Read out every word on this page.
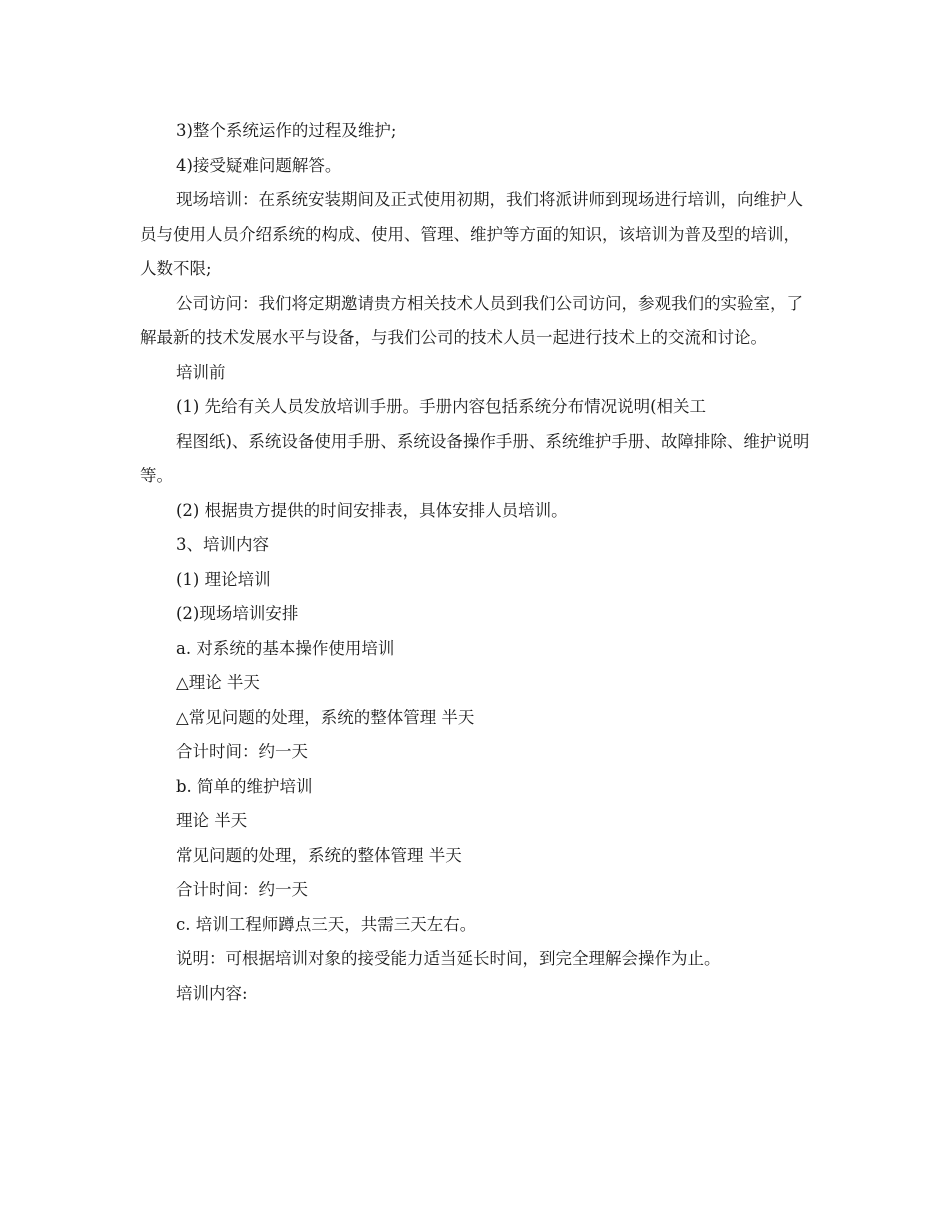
3)整个系统运作的过程及维护;

4)接受疑难问题解答。

现场培训：在系统安装期间及正式使用初期，我们将派讲师到现场进行培训，向维护人员与使用人员介绍系统的构成、使用、管理、维护等方面的知识，该培训为普及型的培训，人数不限;

公司访问：我们将定期邀请贵方相关技术人员到我们公司访问，参观我们的实验室，了解最新的技术发展水平与设备，与我们公司的技术人员一起进行技术上的交流和讨论。

培训前

(1) 先给有关人员发放培训手册。手册内容包括系统分布情况说明(相关工

程图纸)、系统设备使用手册、系统设备操作手册、系统维护手册、故障排除、维护说明等。

(2) 根据贵方提供的时间安排表，具体安排人员培训。

3、培训内容

(1) 理论培训

(2)现场培训安排

a. 对系统的基本操作使用培训

△理论 半天

△常见问题的处理，系统的整体管理 半天

合计时间：约一天

b. 简单的维护培训

理论 半天

常见问题的处理，系统的整体管理 半天

合计时间：约一天

c. 培训工程师蹲点三天，共需三天左右。

说明：可根据培训对象的接受能力适当延长时间，到完全理解会操作为止。

培训内容:
